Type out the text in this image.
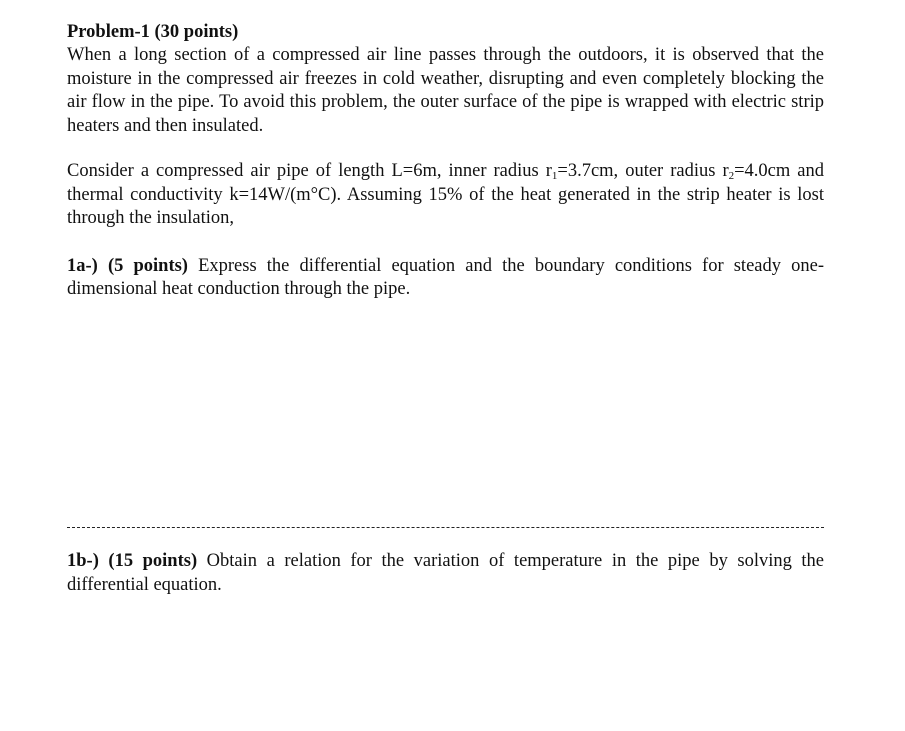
Problem-1 (30 points)

When a long section of a compressed air line passes through the outdoors, it is observed that the moisture in the compressed air freezes in cold weather, disrupting and even completely blocking the air flow in the pipe. To avoid this problem, the outer surface of the pipe is wrapped with electric strip heaters and then insulated.

Consider a compressed air pipe of length L=6m, inner radius $r_1=3.7cm$, outer radius $r_2=4.0cm$ and thermal conductivity k=14W/(m°C). Assuming 15% of the heat generated in the strip heater is lost through the insulation,

1a-) (5 points) Express the differential equation and the boundary conditions for steady one-dimensional heat conduction through the pipe.

1b-) (15 points) Obtain a relation for the variation of temperature in the pipe by solving the differential equation.
